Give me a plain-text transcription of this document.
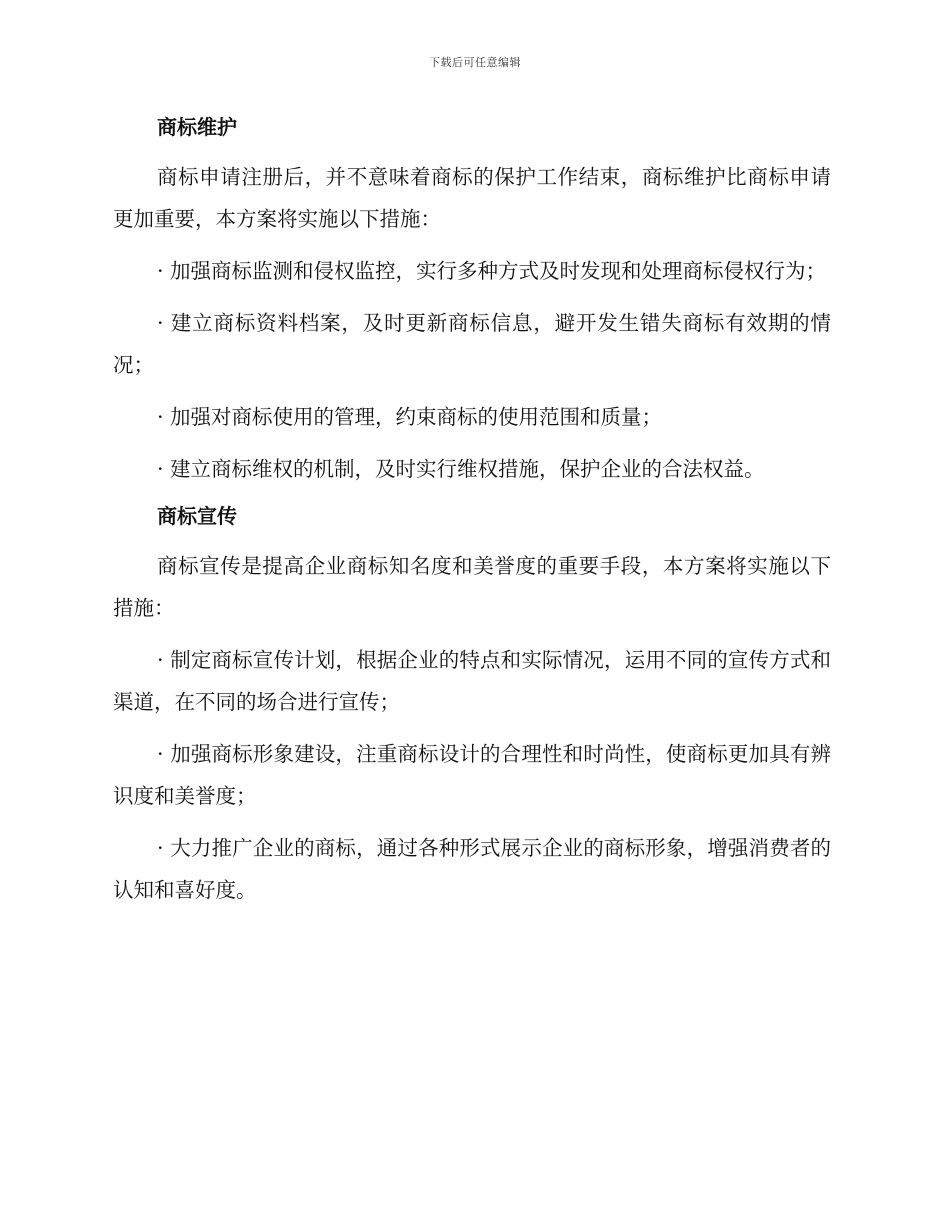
下载后可任意编辑
商标维护

商标申请注册后，并不意味着商标的保护工作结束，商标维护比商标申请更加重要，本方案将实施以下措施：

· 加强商标监测和侵权监控，实行多种方式及时发现和处理商标侵权行为；

· 建立商标资料档案，及时更新商标信息，避开发生错失商标有效期的情况；

· 加强对商标使用的管理，约束商标的使用范围和质量；

· 建立商标维权的机制，及时实行维权措施，保护企业的合法权益。

商标宣传

商标宣传是提高企业商标知名度和美誉度的重要手段，本方案将实施以下措施：

· 制定商标宣传计划，根据企业的特点和实际情况，运用不同的宣传方式和渠道，在不同的场合进行宣传；

· 加强商标形象建设，注重商标设计的合理性和时尚性，使商标更加具有辨识度和美誉度；

· 大力推广企业的商标，通过各种形式展示企业的商标形象，增强消费者的认知和喜好度。
